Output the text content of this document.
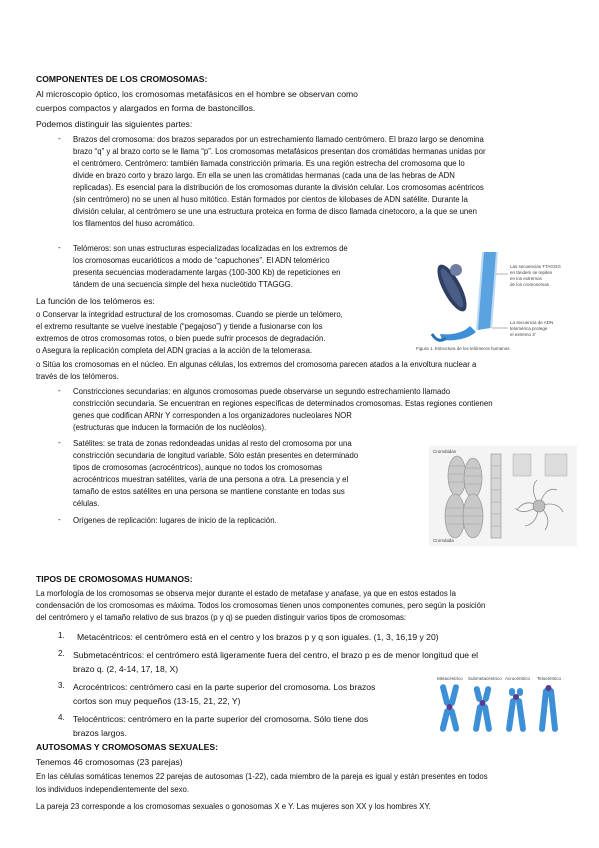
COMPONENTES DE LOS CROMOSOMAS:
Al microscopio óptico, los cromosomas metafásicos en el hombre se observan como
cuerpos compactos y alargados en forma de bastoncillos.
Podemos distinguir las siguientes partes:
- Brazos del cromosoma: dos brazos separados por un estrechamiento llamado centrómero. El brazo largo se denomina
brazo “q” y al brazo corto se le llama “p”. Los cromosomas metafásicos presentan dos cromátidas hermanas unidas por
el centrómero. Centrómero: también llamada constricción primaria. Es una región estrecha del cromosoma que lo
divide en brazo corto y brazo largo. En ella se unen las cromátidas hermanas (cada una de las hebras de ADN
replicadas). Es esencial para la distribución de los cromosomas durante la división celular. Los cromosomas acéntricos
(sin centrómero) no se unen al huso mitótico. Están formados por cientos de kilobases de ADN satélite. Durante la
división celular, al centrómero se une una estructura proteica en forma de disco llamada cinetocoro, a la que se unen
los filamentos del huso acromático.
- Telómeros: son unas estructuras especializadas localizadas en los extremos de
los cromosomas eucarióticos a modo de “capuchones”. El ADN telomérico
presenta secuencias moderadamente largas (100-300 Kb) de repeticiones en
tándem de una secuencia simple del hexa nucleótido TTAGGG.
Las secuencias TTAGGG
en tándem se repiten
en los extremos
de los cromosomas
La secuencia de ADN
telomérica protege
el extremo 3'
Figura 1. Estructura de los telómeros humanos
La función de los telómeros es:
o Conservar la integridad estructural de los cromosomas. Cuando se pierde un telómero,
el extremo resultante se vuelve inestable (“pegajoso”) y tiende a fusionarse con los
extremos de otros cromosomas rotos, o bien puede sufrir procesos de degradación.
o Asegura la replicación completa del ADN gracias a la acción de la telomerasa.
o Sitúa los cromosomas en el núcleo. En algunas células, los extremos del cromosoma parecen atados a la envoltura nuclear a
través de los telómeros.
- Constricciones secundarias: en algunos cromosomas puede observarse un segundo estrechamiento llamado
constricción secundaria. Se encuentran en regiones específicas de determinados cromosomas. Estas regiones contienen
genes que codifican ARNr Y corresponden a los organizadores nucleolares NOR
(estructuras que inducen la formación de los nucléolos).
- Satélites: se trata de zonas redondeadas unidas al resto del cromosoma por una
constricción secundaria de longitud variable. Sólo están presentes en determinado
tipos de cromosomas (acrocéntricos), aunque no todos los cromosomas
acrocéntricos muestran satélites, varía de una persona a otra. La presencia y el
tamaño de estos satélites en una persona se mantiene constante en todas sus
células.
- Orígenes de replicación: lugares de inicio de la replicación.
Cromátidas
Cromátida
TIPOS DE CROMOSOMAS HUMANOS:
La morfología de los cromosomas se observa mejor durante el estado de metafase y anafase, ya que en estos estados la
condensación de los cromosomas es máxima. Todos los cromosomas tienen unos componentes comunes, pero según la posición
del centrómero y el tamaño relativo de sus brazos (p y q) se pueden distinguir varios tipos de cromosomas:
1. Metacéntricos: el centrómero está en el centro y los brazos p y q son iguales. (1, 3, 16,19 y 20)
2. Submetacéntricos: el centrómero está ligeramente fuera del centro, el brazo p es de menor longitud que el
brazo q. (2, 4-14, 17, 18, X)
3. Acrocéntricos: centrómero casi en la parte superior del cromosoma. Los brazos
cortos son muy pequeños (13-15, 21, 22, Y)
4. Telocéntricos: centrómero en la parte superior del cromosoma. Sólo tiene dos
brazos largos.
Metacéntrico Submetacéntrico Acrocéntrico Telocéntrico
AUTOSOMAS Y CROMOSOMAS SEXUALES:
Tenemos 46 cromosomas (23 parejas)
En las células somáticas tenemos 22 parejas de autosomas (1-22), cada miembro de la pareja es igual y están presentes en todos
los individuos independientemente del sexo.
La pareja 23 corresponde a los cromosomas sexuales o gonosomas X e Y. Las mujeres son XX y los hombres XY.
